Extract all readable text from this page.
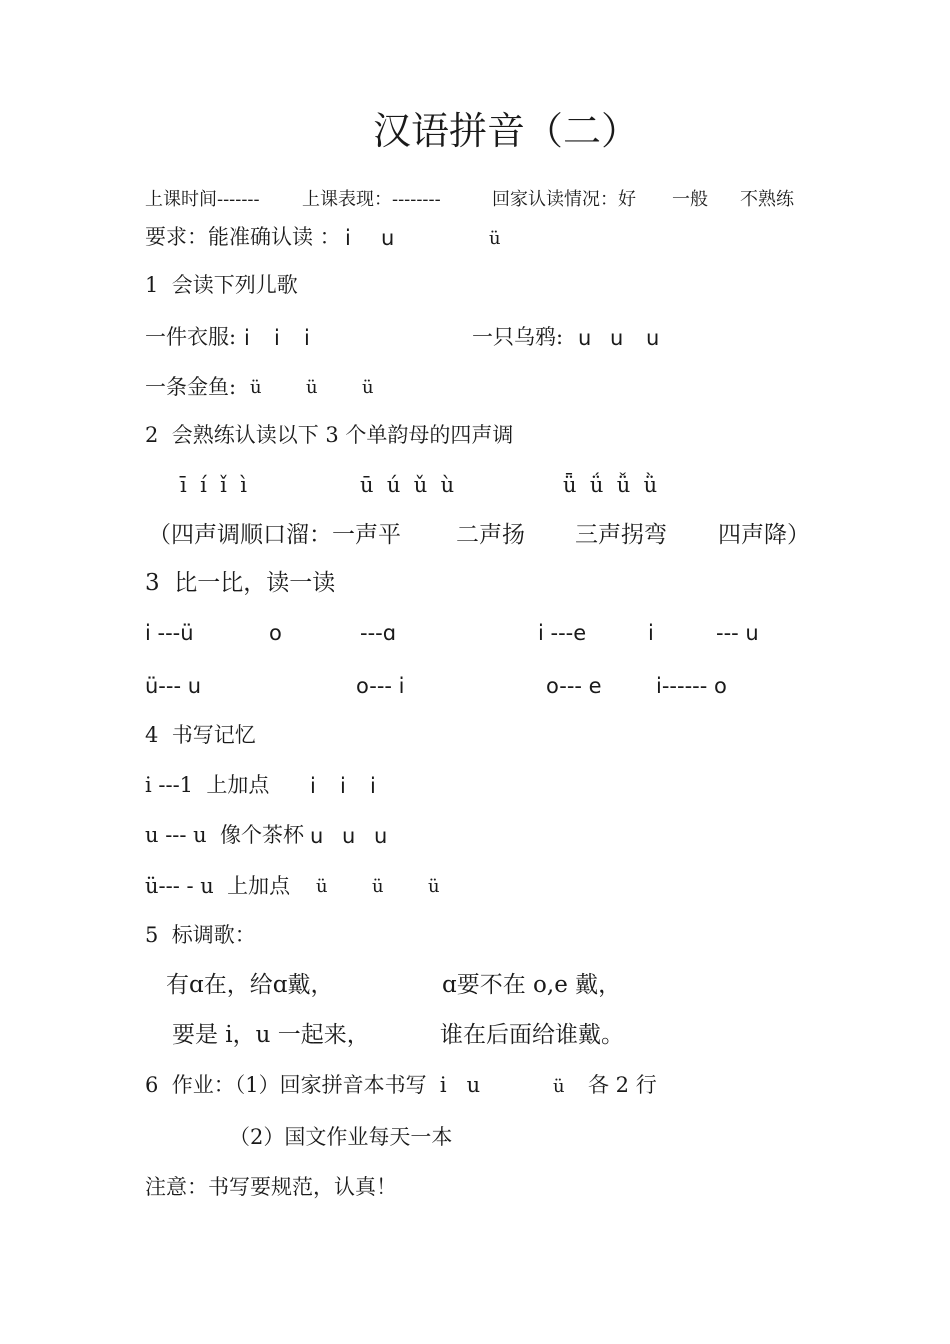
汉语拼音（二）
上课时间------- 上课表现：--------	回家认读情况：好 一般 不熟练
要求：能准确认读 ： i u	ü
1  会读下列儿歌
一件衣服: i i i	一只乌鸦: u u u
一条金鱼: ü ü ü
2  会熟练认读以下 3 个单韵母的四声调
ī  í  ǐ  ì	ū  ú  ǔ  ù	ǖ  ǘ  ǚ  ǜ
（四声调顺口溜：一声平 二声扬 三声拐弯 四声降）
3  比一比，读一读
i ---ü	o	---ɑ	i ---e	i	--- u
ü--- u	o--- i	o--- e	i------ o
4  书写记忆
i ---1  上加点 i i i
u --- u  像个茶杯 u u u
ü--- - u  上加点 ü ü ü
5  标调歌：
有ɑ在，给ɑ戴，	ɑ要不在 o,e 戴，
要是 i，u 一起来，	谁在后面给谁戴。
6  作业：（1）回家拼音本书写  i   u	ü 各 2 行
（2）国文作业每天一本
注意：书写要规范，认真！
